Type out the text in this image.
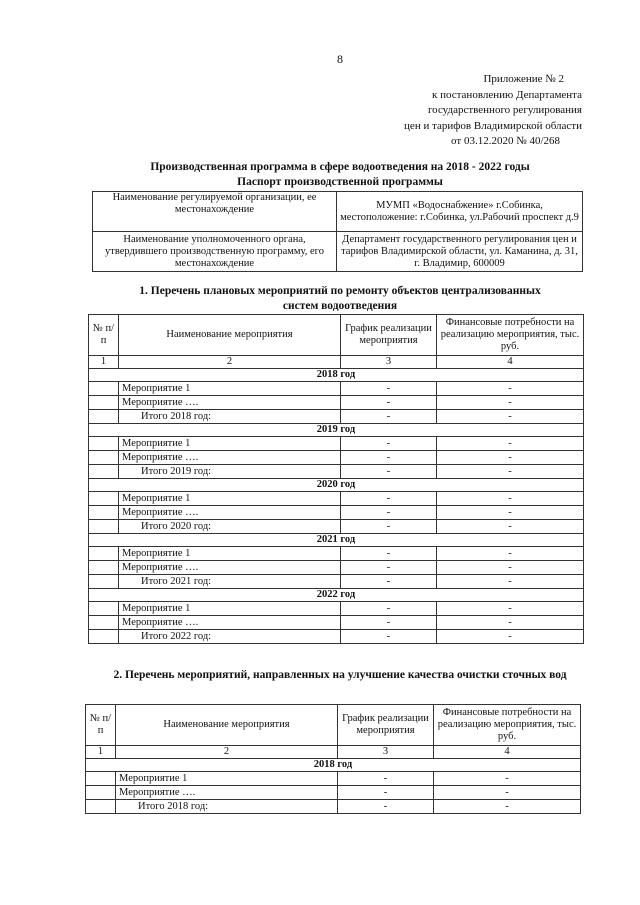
8
Приложение № 2
к постановлению Департамента
государственного регулирования
цен и тарифов Владимирской области
от 03.12.2020 № 40/268
Производственная программа в сфере водоотведения на 2018 - 2022 годы
Паспорт производственной программы
Наименование регулируемой организации, ее местонахождение	МУМП «Водоснабжение» г.Собинка, местоположение: г.Собинка, ул.Рабочий проспект д.9
Наименование уполномоченного органа, утвердившего производственную программу, его местонахождение	Департамент государственного регулирования цен и тарифов Владимирской области, ул. Каманина, д. 31, г. Владимир, 600009
1. Перечень плановых мероприятий по ремонту объектов централизованных систем водоотведения
2. Перечень мероприятий, направленных на улучшение качества очистки сточных вод
№ п/п	Наименование мероприятия	График реализации мероприятия	Финансовые потребности на реализацию мероприятия, тыс. руб.
1	2	3	4
2018 год			
	Мероприятие 1	-	-
	Мероприятие ….	-	-
	Итого 2018 год:	-	-
2019 год			
	Мероприятие 1	-	-
	Мероприятие ….	-	-
	Итого 2019 год:	-	-
2020 год			
	Мероприятие 1	-	-
	Мероприятие ….	-	-
	Итого 2020 год:	-	-
2021 год			
	Мероприятие 1	-	-
	Мероприятие ….	-	-
	Итого 2021 год:	-	-
2022 год			
	Мероприятие 1	-	-
	Мероприятие ….	-	-
	Итого 2022 год:	-	-
№ п/п	Наименование мероприятия	График реализации мероприятия	Финансовые потребности на реализацию мероприятия, тыс. руб.
1	2	3	4
2018 год			
	Мероприятие 1	-	-
	Мероприятие ….	-	-
	Итого 2018 год:	-	-
